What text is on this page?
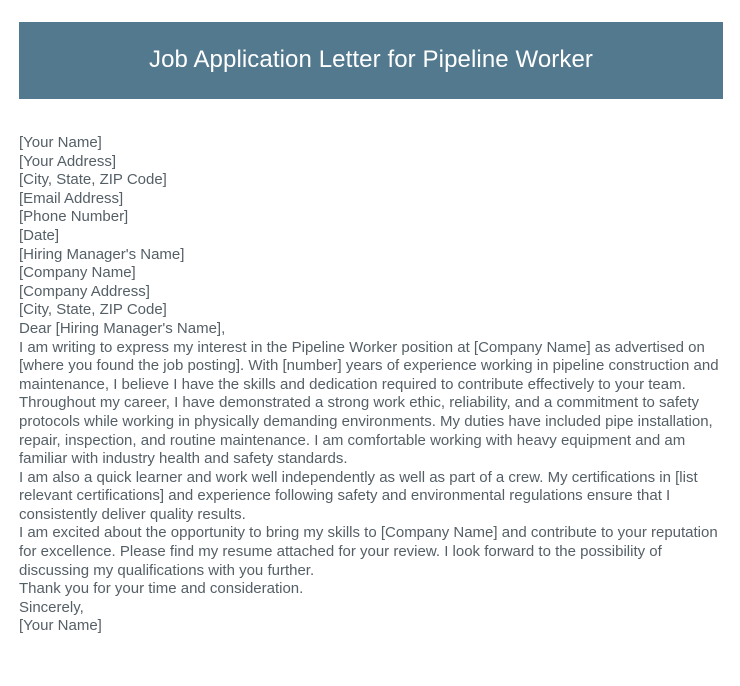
Job Application Letter for Pipeline Worker
[Your Name]
[Your Address]
[City, State, ZIP Code]
[Email Address]
[Phone Number]
[Date]
[Hiring Manager's Name]
[Company Name]
[Company Address]
[City, State, ZIP Code]
Dear [Hiring Manager's Name],

I am writing to express my interest in the Pipeline Worker position at [Company Name] as advertised on [where you found the job posting]. With [number] years of experience working in pipeline construction and maintenance, I believe I have the skills and dedication required to contribute effectively to your team.

Throughout my career, I have demonstrated a strong work ethic, reliability, and a commitment to safety protocols while working in physically demanding environments. My duties have included pipe installation, repair, inspection, and routine maintenance. I am comfortable working with heavy equipment and am familiar with industry health and safety standards.

I am also a quick learner and work well independently as well as part of a crew. My certifications in [list relevant certifications] and experience following safety and environmental regulations ensure that I consistently deliver quality results.

I am excited about the opportunity to bring my skills to [Company Name] and contribute to your reputation for excellence. Please find my resume attached for your review. I look forward to the possibility of discussing my qualifications with you further.

Thank you for your time and consideration.
Sincerely,
[Your Name]
